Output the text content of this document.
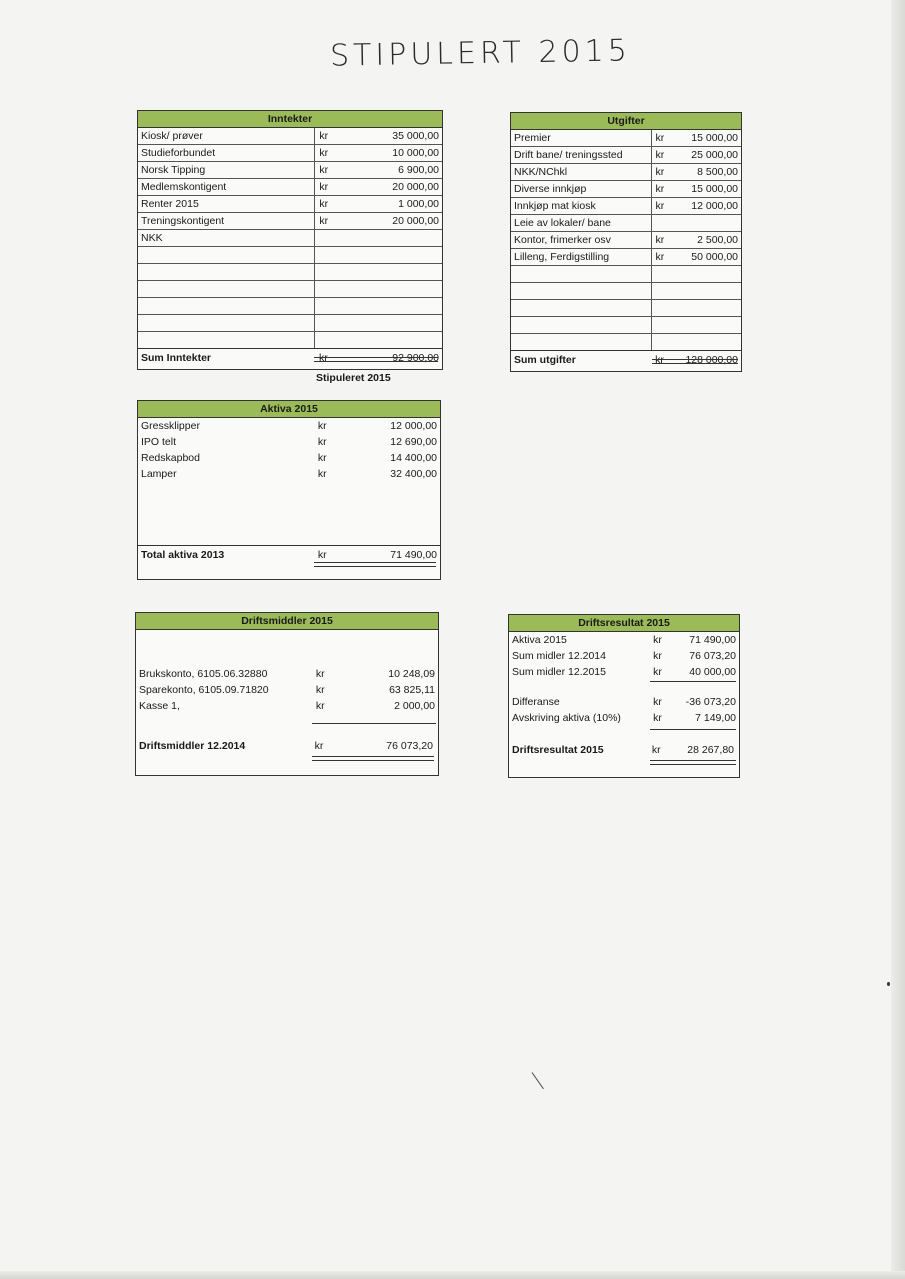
STIPULERT 2015
Inntekter
Kiosk/ prøver	kr	35 000,00
Studieforbundet	kr	10 000,00
Norsk Tipping	kr	6 900,00
Medlemskontigent	kr	20 000,00
Renter 2015	kr	1 000,00
Treningskontigent	kr	20 000,00
NKK
Sum Inntekter	kr	92 900,00
Utgifter
Premier	kr	15 000,00
Drift bane/ treningssted	kr	25 000,00
NKK/NChkl	kr	8 500,00
Diverse innkjøp	kr	15 000,00
Innkjøp mat kiosk	kr	12 000,00
Leie av lokaler/ bane
Kontor, frimerker osv	kr	2 500,00
Lilleng, Ferdigstilling	kr	50 000,00
Sum utgifter	kr	128 000,00
Stipuleret 2015
Aktiva 2015
Gressklipper	kr	12 000,00
IPO telt	kr	12 690,00
Redskapbod	kr	14 400,00
Lamper	kr	32 400,00
Total aktiva 2013	kr	71 490,00
Driftsmiddler 2015
Brukskonto, 6105.06.32880	kr	10 248,09
Sparekonto, 6105.09.71820	kr	63 825,11
Kasse 1,	kr	2 000,00
Driftsmiddler 12.2014	kr	76 073,20
Driftsresultat 2015
Aktiva 2015	kr	71 490,00
Sum midler 12.2014	kr	76 073,20
Sum midler 12.2015	kr	40 000,00
Differanse	kr	-36 073,20
Avskriving aktiva (10%)	kr	7 149,00
Driftsresultat 2015	kr	28 267,80
